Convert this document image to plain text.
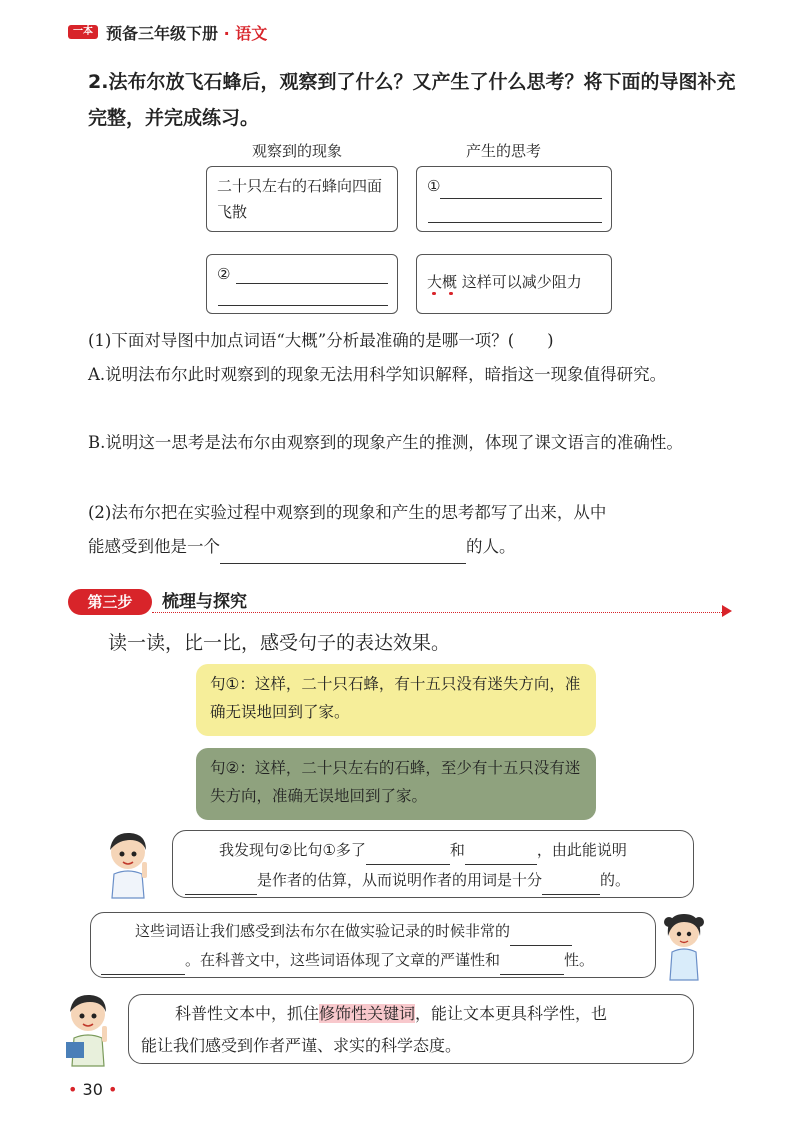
一本 预备三年级下册 · 语文
2.法布尔放飞石蜂后，观察到了什么？又产生了什么思考？将下面的导图补充完整，并完成练习。
观察到的现象	产生的思考
二十只左右的石蜂向四面飞散
①
②	大概 这样可以减少阻力
(1)下面对导图中加点词语“大概”分析最准确的是哪一项？(　　)
A.说明法布尔此时观察到的现象无法用科学知识解释，暗指这一现象值得研究。
B.说明这一思考是法布尔由观察到的现象产生的推测，体现了课文语言的准确性。
(2)法布尔把在实验过程中观察到的现象和产生的思考都写了出来，从中
能感受到他是一个	的人。
第三步	梳理与探究
读一读，比一比，感受句子的表达效果。
句①：这样，二十只石蜂，有十五只没有迷失方向，准确无误地回到了家。
句②：这样，二十只左右的石蜂，至少有十五只没有迷失方向，准确无误地回到了家。
我发现句②比句①多了	和	，由此能说明
是作者的估算，从而说明作者的用词是十分	的。
这些词语让我们感受到法布尔在做实验记录的时候非常的
。在科普文中，这些词语体现了文章的严谨性和	性。
科普性文本中，抓住修饰性关键词，能让文本更具科学性，也
能让我们感受到作者严谨、求实的科学态度。
• 30 •
